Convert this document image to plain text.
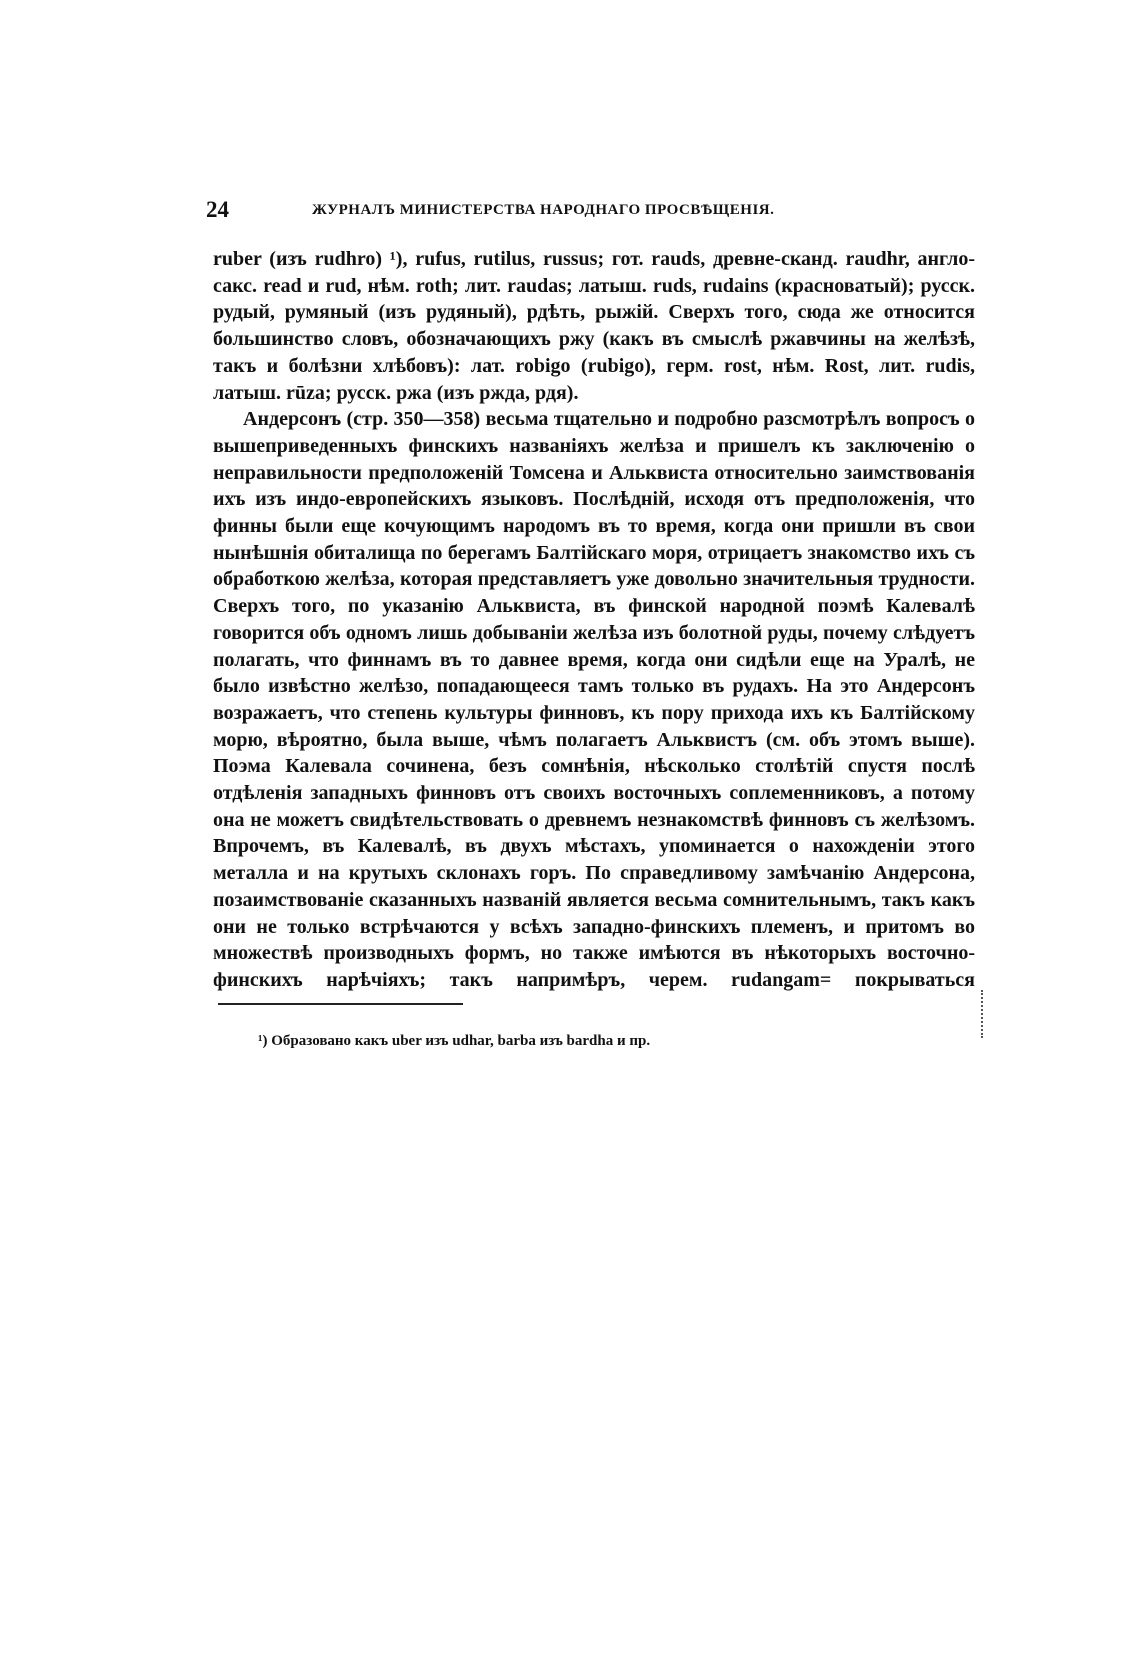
24	ЖУРНАЛЪ МИНИСТЕРСТВА НАРОДНАГО ПРОСВѢЩЕНІЯ.

ruber (изъ rudhro) ¹), rufus, rutilus, russus; гот. rauds, древне-сканд. raudhr, англо-сакс. read и rud, нѣм. roth; лит. raudas; латыш. ruds, rudains (красноватый); русск. рудый, румяный (изъ рудяный), рдѣть, рыжій. Сверхъ того, сюда же относится большинство словъ, обозначающихъ ржу (какъ въ смыслѣ ржавчины на желѣзѣ, такъ и болѣзни хлѣбовъ): лат. robigo (rubigo), герм. rost, нѣм. Rost, лит. rudis, латыш. rūza; русск. ржа (изъ ржда, рдя).

Андерсонъ (стр. 350—358) весьма тщательно и подробно разсмотрѣлъ вопросъ о вышеприведенныхъ финскихъ названіяхъ желѣза и пришелъ къ заключенію о неправильности предположеній Томсена и Альквиста относительно заимствованія ихъ изъ индо-европейскихъ языковъ. Послѣдній, исходя отъ предположенія, что финны были еще кочующимъ народомъ въ то время, когда они пришли въ свои нынѣшнія обиталища по берегамъ Балтійскаго моря, отрицаетъ знакомство ихъ съ обработкою желѣза, которая представляетъ уже довольно значительныя трудности. Сверхъ того, по указанію Альквиста, въ финской народной поэмѣ Калевалѣ говорится объ одномъ лишь добываніи желѣза изъ болотной руды, почему слѣдуетъ полагать, что финнамъ въ то давнее время, когда они сидѣли еще на Уралѣ, не было извѣстно желѣзо, попадающееся тамъ только въ рудахъ. На это Андерсонъ возражаетъ, что степень культуры финновъ, къ пору прихода ихъ къ Балтійскому морю, вѣроятно, была выше, чѣмъ полагаетъ Альквистъ (см. объ этомъ выше). Поэма Калевала сочинена, безъ сомнѣнія, нѣсколько столѣтій спустя послѣ отдѣленія западныхъ финновъ отъ своихъ восточныхъ соплеменниковъ, а потому она не можетъ свидѣтельствовать о древнемъ незнакомствѣ финновъ съ желѣзомъ. Впрочемъ, въ Калевалѣ, въ двухъ мѣстахъ, упоминается о нахожденіи этого металла и на крутыхъ склонахъ горъ. По справедливому замѣчанію Андерсона, позаимствованіе сказанныхъ названій является весьма сомнительнымъ, такъ какъ они не только встрѣчаются у всѣхъ западно-финскихъ племенъ, и притомъ во множествѣ производныхъ формъ, но также имѣются въ нѣкоторыхъ восточно-финскихъ нарѣчіяхъ; такъ напримѣръ, черем. rudangam= покрываться

¹) Образовано какъ uber изъ udhar, barba изъ bardha и пр.
